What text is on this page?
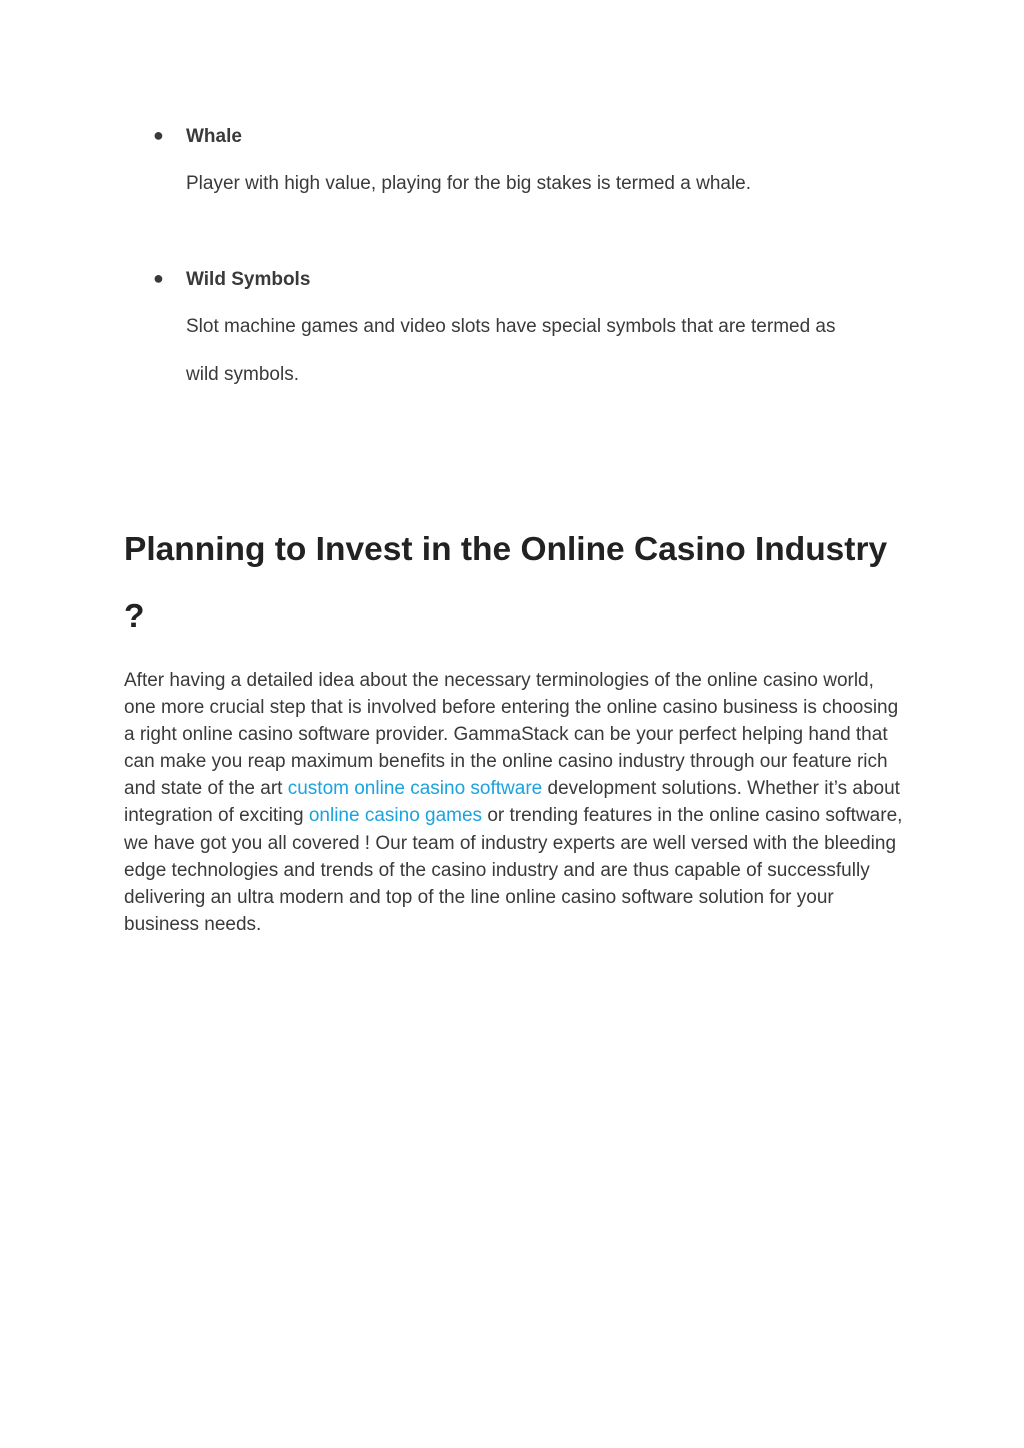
● Whale
Player with high value, playing for the big stakes is termed a whale.
● Wild Symbols
Slot machine games and video slots have special symbols that are termed as
wild symbols.
Planning to Invest in the Online Casino Industry
?

After having a detailed idea about the necessary terminologies of the online casino world, one more crucial step that is involved before entering the online casino business is choosing a right online casino software provider. GammaStack can be your perfect helping hand that can make you reap maximum benefits in the online casino industry through our feature rich and state of the art custom online casino software development solutions. Whether it’s about integration of exciting online casino games or trending features in the online casino software, we have got you all covered ! Our team of industry experts are well versed with the bleeding edge technologies and trends of the casino industry and are thus capable of successfully delivering an ultra modern and top of the line online casino software solution for your business needs.
